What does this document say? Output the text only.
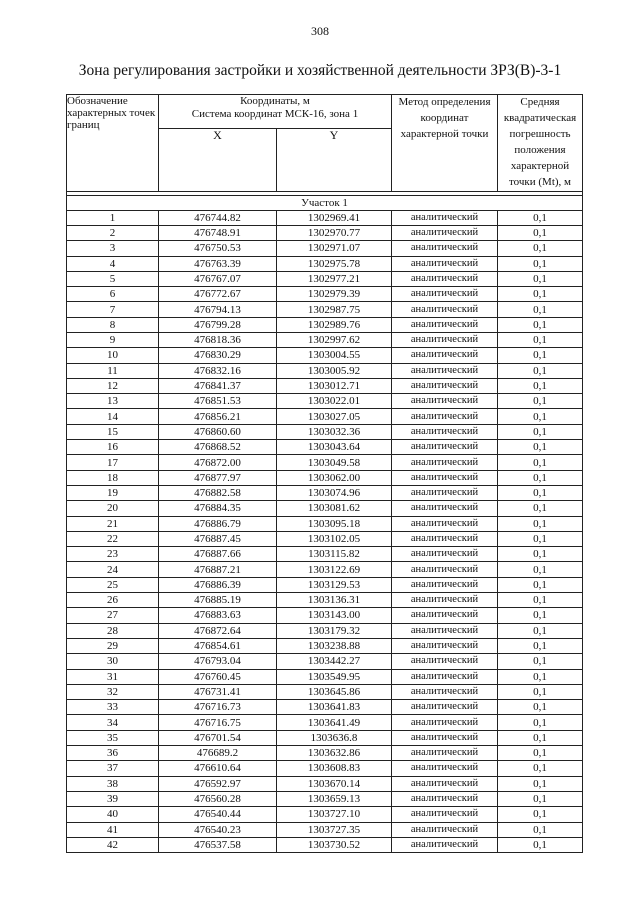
308
Зона регулирования застройки и хозяйственной деятельности ЗРЗ(В)-3-1
Обозначение характерных точек границ	Координаты, м
Система координат МСК-16, зона 1		Метод определения координат характерной точки	Средняя квадратическая погрешность положения характерной точки (Mt), м
	X	Y		

Участок 1				
1	476744.82	1302969.41	аналитический	0,1
2	476748.91	1302970.77	аналитический	0,1
3	476750.53	1302971.07	аналитический	0,1
4	476763.39	1302975.78	аналитический	0,1
5	476767.07	1302977.21	аналитический	0,1
6	476772.67	1302979.39	аналитический	0,1
7	476794.13	1302987.75	аналитический	0,1
8	476799.28	1302989.76	аналитический	0,1
9	476818.36	1302997.62	аналитический	0,1
10	476830.29	1303004.55	аналитический	0,1
11	476832.16	1303005.92	аналитический	0,1
12	476841.37	1303012.71	аналитический	0,1
13	476851.53	1303022.01	аналитический	0,1
14	476856.21	1303027.05	аналитический	0,1
15	476860.60	1303032.36	аналитический	0,1
16	476868.52	1303043.64	аналитический	0,1
17	476872.00	1303049.58	аналитический	0,1
18	476877.97	1303062.00	аналитический	0,1
19	476882.58	1303074.96	аналитический	0,1
20	476884.35	1303081.62	аналитический	0,1
21	476886.79	1303095.18	аналитический	0,1
22	476887.45	1303102.05	аналитический	0,1
23	476887.66	1303115.82	аналитический	0,1
24	476887.21	1303122.69	аналитический	0,1
25	476886.39	1303129.53	аналитический	0,1
26	476885.19	1303136.31	аналитический	0,1
27	476883.63	1303143.00	аналитический	0,1
28	476872.64	1303179.32	аналитический	0,1
29	476854.61	1303238.88	аналитический	0,1
30	476793.04	1303442.27	аналитический	0,1
31	476760.45	1303549.95	аналитический	0,1
32	476731.41	1303645.86	аналитический	0,1
33	476716.73	1303641.83	аналитический	0,1
34	476716.75	1303641.49	аналитический	0,1
35	476701.54	1303636.8	аналитический	0,1
36	476689.2	1303632.86	аналитический	0,1
37	476610.64	1303608.83	аналитический	0,1
38	476592.97	1303670.14	аналитический	0,1
39	476560.28	1303659.13	аналитический	0,1
40	476540.44	1303727.10	аналитический	0,1
41	476540.23	1303727.35	аналитический	0,1
42	476537.58	1303730.52	аналитический	0,1
